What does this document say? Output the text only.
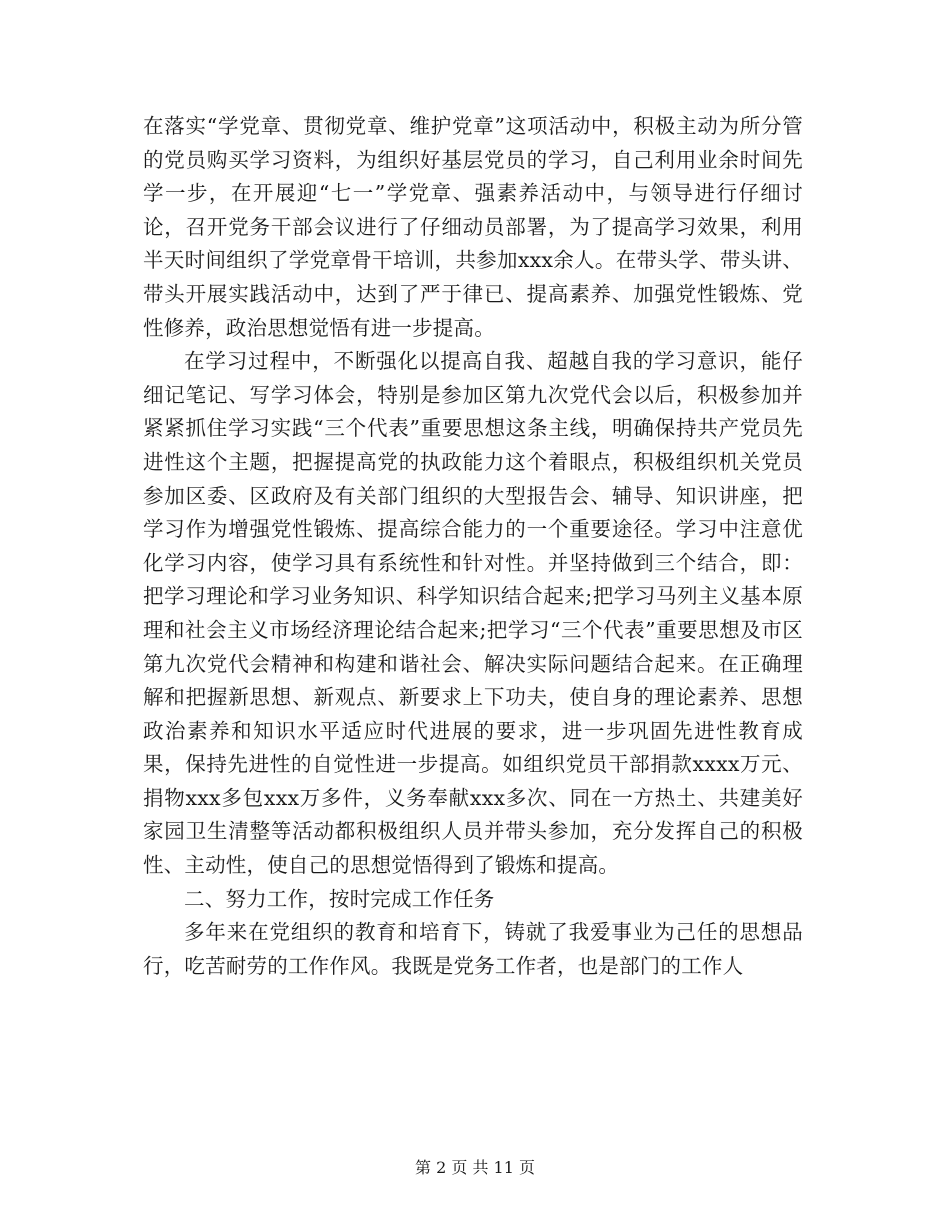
在落实“学党章、贯彻党章、维护党章”这项活动中，积极主动为所分管的党员购买学习资料，为组织好基层党员的学习，自己利用业余时间先学一步，在开展迎“七一”学党章、强素养活动中，与领导进行仔细讨论，召开党务干部会议进行了仔细动员部署，为了提高学习效果，利用半天时间组织了学党章骨干培训，共参加xxx余人。在带头学、带头讲、带头开展实践活动中，达到了严于律已、提高素养、加强党性锻炼、党性修养，政治思想觉悟有进一步提高。

在学习过程中，不断强化以提高自我、超越自我的学习意识，能仔细记笔记、写学习体会，特别是参加区第九次党代会以后，积极参加并紧紧抓住学习实践“三个代表”重要思想这条主线，明确保持共产党员先进性这个主题，把握提高党的执政能力这个着眼点，积极组织机关党员参加区委、区政府及有关部门组织的大型报告会、辅导、知识讲座，把学习作为增强党性锻炼、提高综合能力的一个重要途径。学习中注意优化学习内容，使学习具有系统性和针对性。并坚持做到三个结合，即：把学习理论和学习业务知识、科学知识结合起来;把学习马列主义基本原理和社会主义市场经济理论结合起来;把学习“三个代表”重要思想及市区第九次党代会精神和构建和谐社会、解决实际问题结合起来。在正确理解和把握新思想、新观点、新要求上下功夫，使自身的理论素养、思想政治素养和知识水平适应时代进展的要求，进一步巩固先进性教育成果，保持先进性的自觉性进一步提高。如组织党员干部捐款xxxx万元、捐物xxx多包xxx万多件，义务奉献xxx多次、同在一方热土、共建美好家园卫生清整等活动都积极组织人员并带头参加，充分发挥自己的积极性、主动性，使自己的思想觉悟得到了锻炼和提高。

二、努力工作，按时完成工作任务

多年来在党组织的教育和培育下，铸就了我爱事业为己任的思想品行，吃苦耐劳的工作作风。我既是党务工作者，也是部门的工作人

第 2 页 共 11 页
